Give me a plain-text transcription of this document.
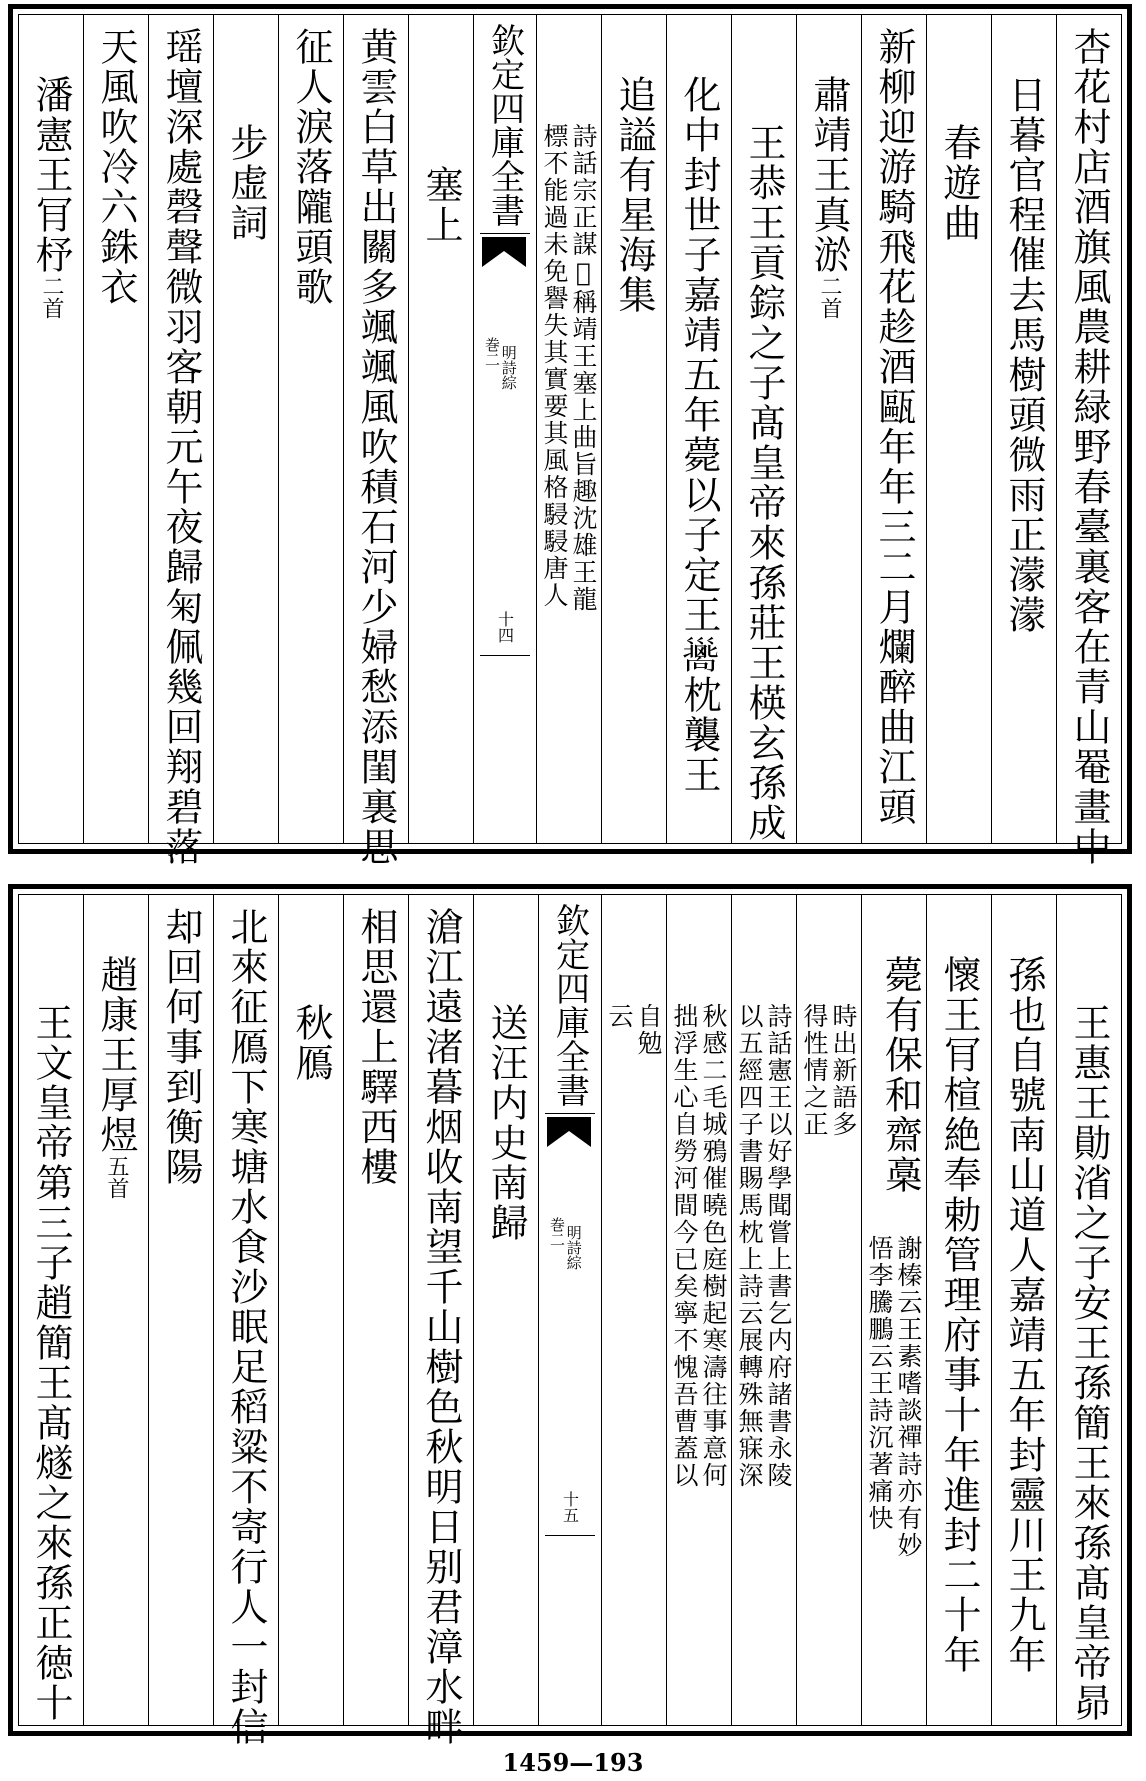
杏花村店酒旗風農耕緑野春臺裏客在青山罨畫中
日暮官程催去馬樹頭微雨正濛濛
春遊曲
新柳迎游騎飛花趁酒甌年年三二月爛醉曲江頭
肅靖王真淤二首
王恭王貢錝之子髙皇帝來孫莊王楧玄孫成
化中封世子嘉靖五年薨以子定王𢀉枕襲王
追謚有星海集
詩話宗正謀𡊮稱靖王塞上曲旨趣沈雄王龍
標不能過未免譽失其實要其風格駸駸唐人
欽定四庫全書
明詩綜
巻二
十四
塞上
黄雲白草出關多颯颯風吹積石河少婦愁添閨裏思
征人淚落隴頭歌
步虚詞
瑶壇深處磬聲微羽客朝元午夜歸匊佩幾回翔碧落
天風吹冷六銖衣
潘憲王肎杼二首
王惠王勛渻之子安王孫簡王來孫髙皇帝昴
孫也自號南山道人嘉靖五年封靈川王九年
懷王肎楦絶奉勅管理府事十年進封二十年
薨有保和齋槀
謝榛云王素嗜談禪詩亦有妙
悟李騰鵬云王詩沉著痛快
時出新語多
得性情之正
詩話憲王以好學聞嘗上書乞内府諸書永陵
以五經四子書賜馬枕上詩云展轉殊無寐深
秋感二毛城鴉催曉色庭樹起寒濤往事意何
拙浮生心自勞河間今已矣寧不愧吾曹蓋以
自勉
云
欽定四庫全書
明詩綜
巻二
十五
送汪内史南歸
滄江遠渚暮烟收南望千山樹色秋明日别君漳水畔
相思還上驛西樓
秋鴈
北來征鴈下寒塘水食沙眠足稻粱不寄行人一封信
却回何事到衡陽
趙康王厚煜五首
王文皇帝第三子趙簡王髙燧之來孫正徳十
1459—193
